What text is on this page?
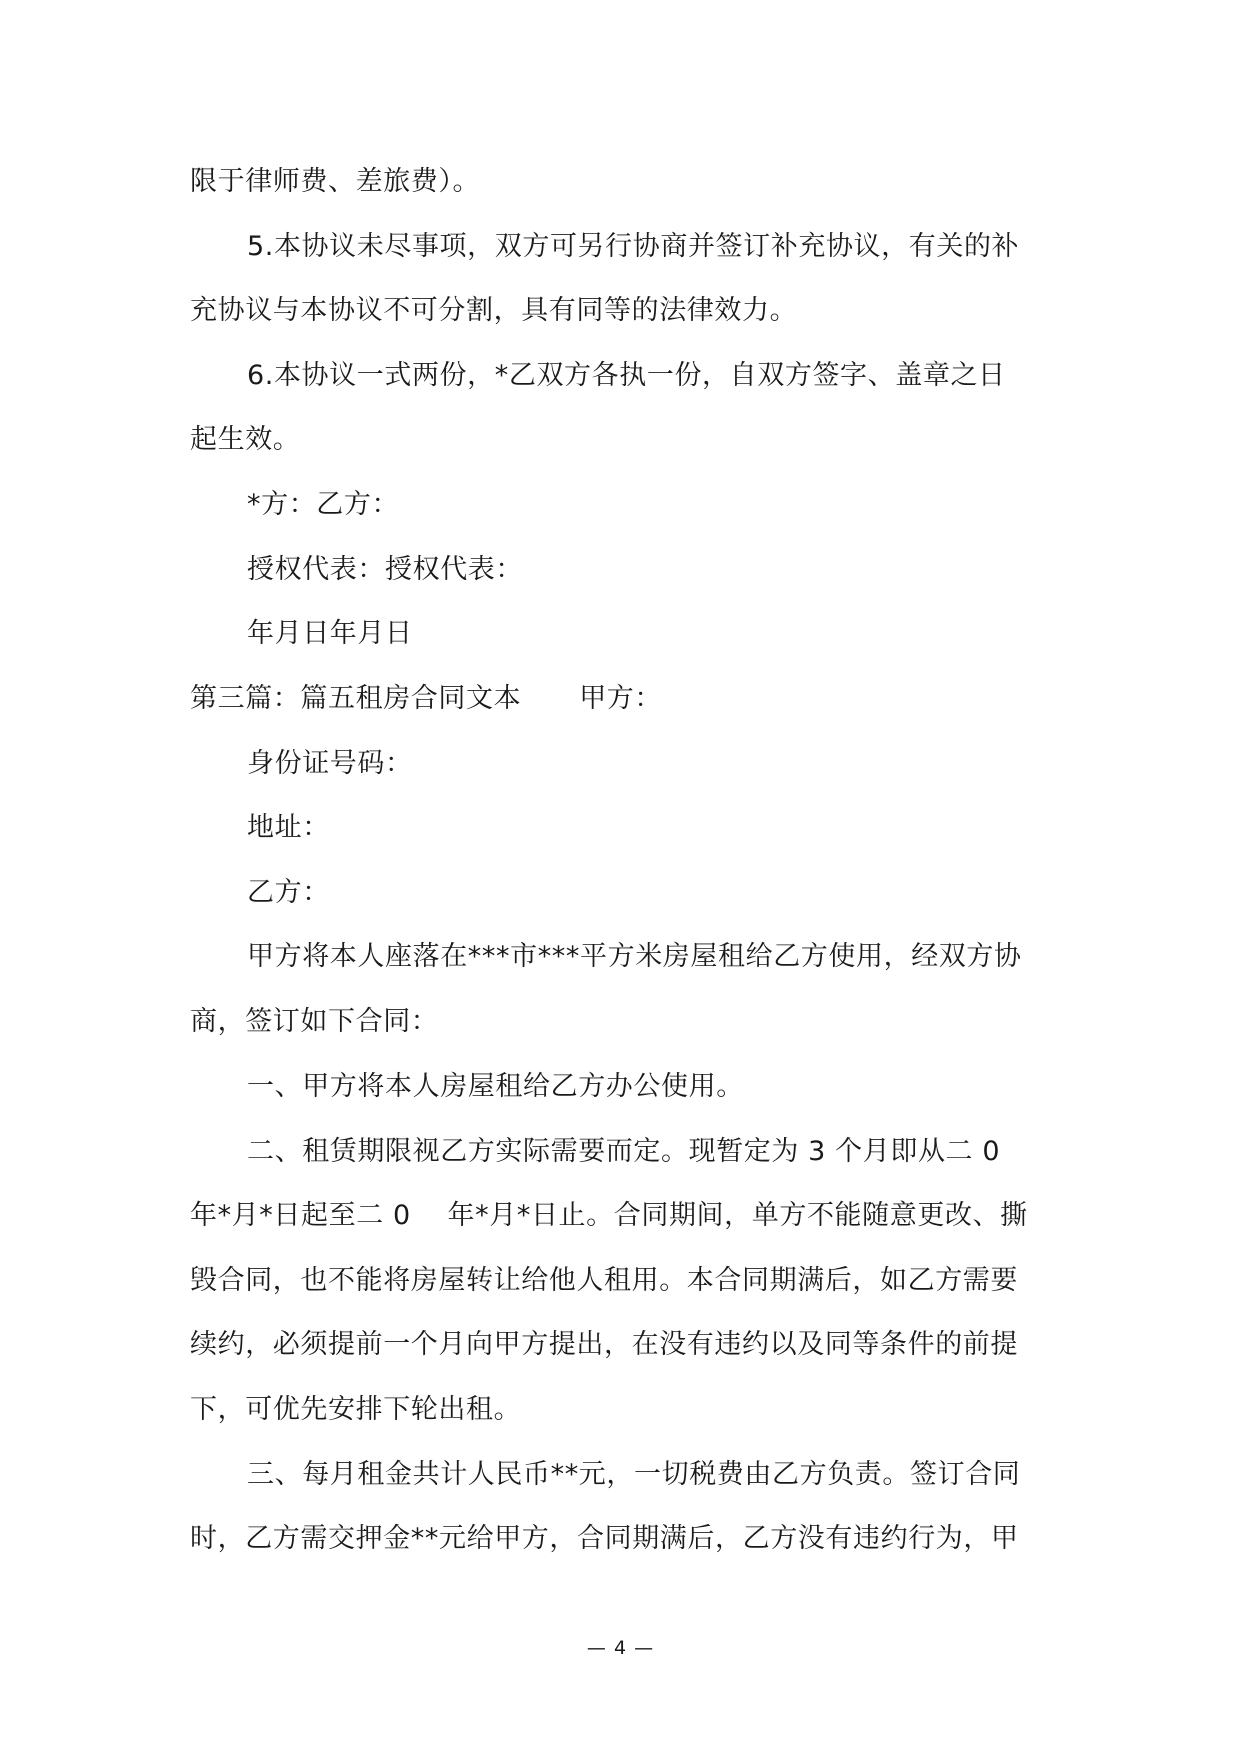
限于律师费、差旅费）。
5.本协议未尽事项，双方可另行协商并签订补充协议，有关的补
充协议与本协议不可分割，具有同等的法律效力。
6.本协议一式两份，*乙双方各执一份，自双方签字、盖章之日
起生效。
*方：乙方：
授权代表：授权代表：
年月日年月日
第三篇：篇五租房合同文本 甲方：
身份证号码：
地址：
乙方：
甲方将本人座落在***市***平方米房屋租给乙方使用，经双方协
商，签订如下合同：
一、甲方将本人房屋租给乙方办公使用。
二、租赁期限视乙方实际需要而定。现暂定为 3 个月即从二 0
年*月*日起至二 0　 年*月*日止。合同期间，单方不能随意更改、撕
毁合同，也不能将房屋转让给他人租用。本合同期满后，如乙方需要
续约，必须提前一个月向甲方提出，在没有违约以及同等条件的前提
下，可优先安排下轮出租。
三、每月租金共计人民币**元，一切税费由乙方负责。签订合同
时，乙方需交押金**元给甲方，合同期满后，乙方没有违约行为，甲
— 4 —
